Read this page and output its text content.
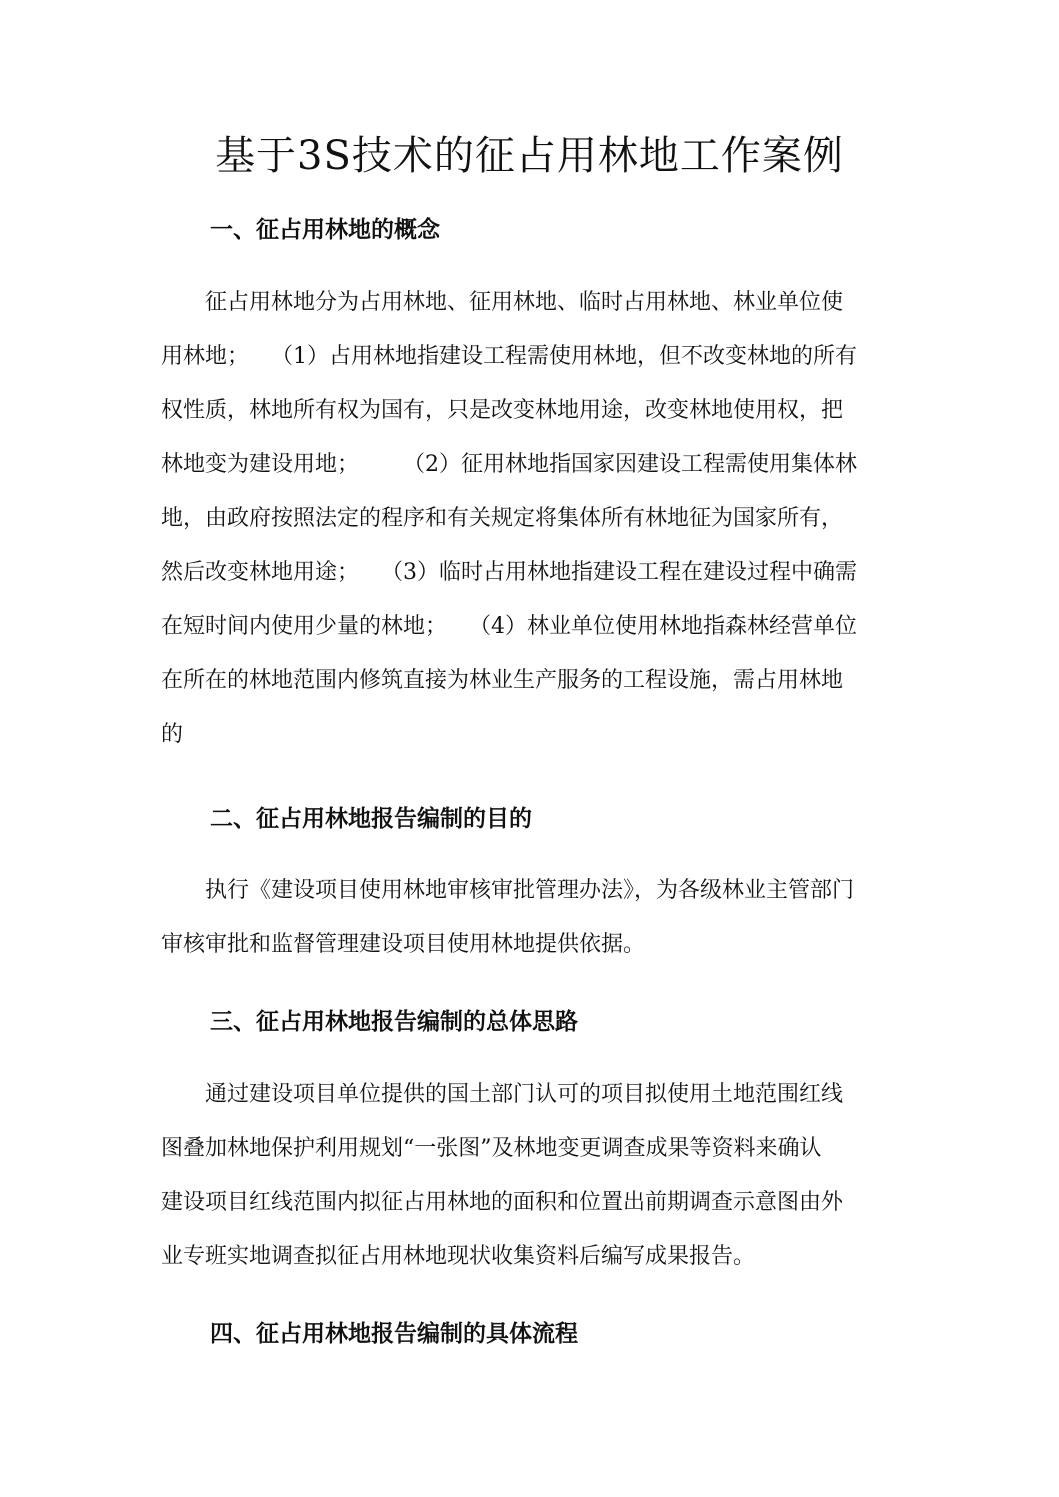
基于3S技术的征占用林地工作案例
一、征占用林地的概念
征占用林地分为占用林地、征用林地、临时占用林地、林业单位使
用林地；　　（1）占用林地指建设工程需使用林地，但不改变林地的所有
权性质，林地所有权为国有，只是改变林地用途，改变林地使用权，把
林地变为建设用地；　　　（2）征用林地指国家因建设工程需使用集体林
地，由政府按照法定的程序和有关规定将集体所有林地征为国家所有，
然后改变林地用途；　　（3）临时占用林地指建设工程在建设过程中确需
在短时间内使用少量的林地；　　（4）林业单位使用林地指森林经营单位
在所在的林地范围内修筑直接为林业生产服务的工程设施，需占用林地
的
二、征占用林地报告编制的目的
执行《建设项目使用林地审核审批管理办法》，为各级林业主管部门
审核审批和监督管理建设项目使用林地提供依据。
三、征占用林地报告编制的总体思路
通过建设项目单位提供的国土部门认可的项目拟使用土地范围红线
图叠加林地保护利用规划“一张图”及林地变更调查成果等资料来确认
建设项目红线范围内拟征占用林地的面积和位置出前期调查示意图由外
业专班实地调查拟征占用林地现状收集资料后编写成果报告。
四、征占用林地报告编制的具体流程
